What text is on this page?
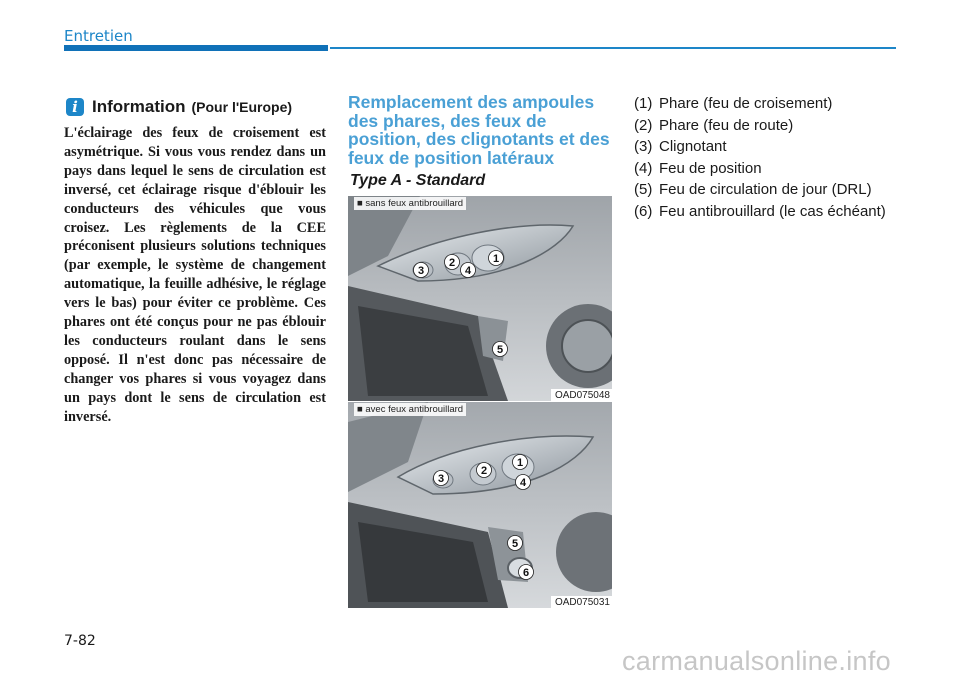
Entretien
i Information (Pour l'Europe)
L'éclairage des feux de croisement est asymétrique. Si vous vous rendez dans un pays dans lequel le sens de circulation est inversé, cet éclairage risque d'éblouir les conducteurs des véhicules que vous croisez. Les règlements de la CEE préconisent plusieurs solutions techniques (par exemple, le système de changement automatique, la feuille adhésive, le réglage vers le bas) pour éviter ce problème. Ces phares ont été conçus pour ne pas éblouir les conducteurs roulant dans le sens opposé. Il n'est donc pas nécessaire de changer vos phares si vous voyagez dans un pays dont le sens de circulation est inversé.
Remplacement des ampoules des phares, des feux de position, des clignotants et des feux de position latéraux
Type A - Standard
1
2
3	4
5
■ sans feux antibrouillard
OAD075048
1
2
3	4
5
6
■ avec feux antibrouillard
OAD075031
(1) Phare (feu de croisement)
(2) Phare (feu de route)
(3) Clignotant
(4) Feu de position
(5) Feu de circulation de jour (DRL)
(6) Feu antibrouillard (le cas échéant)
7-82
carmanualsonline.info
